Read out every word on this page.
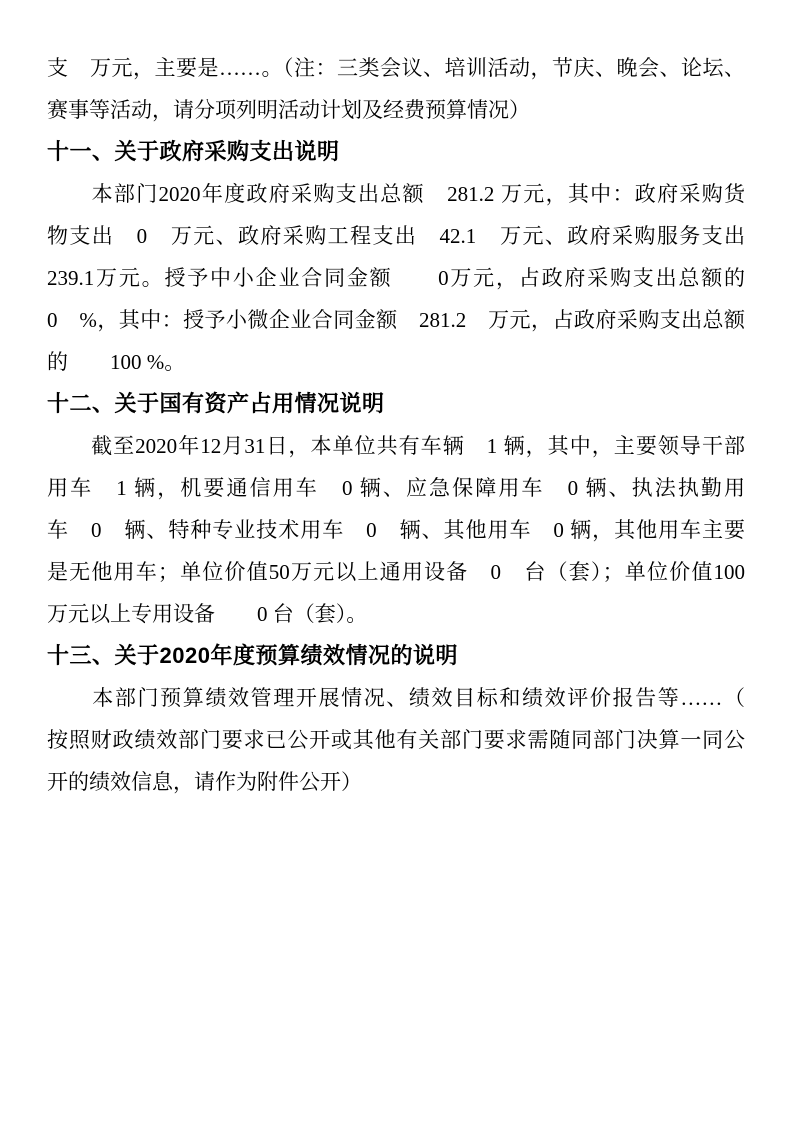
支　万元，主要是……。（注：三类会议、培训活动，节庆、晚会、论坛、
赛事等活动，请分项列明活动计划及经费预算情况）
十一、关于政府采购支出说明
　　本部门2020年度政府采购支出总额　281.2 万元，其中：政府采购货
物支出　0　万元、政府采购工程支出　42.1　万元、政府采购服务支出
239.1万元。授予中小企业合同金额　　0万元，占政府采购支出总额的
0　%，其中：授予小微企业合同金额　281.2　万元，占政府采购支出总额
的　　100 %。
十二、关于国有资产占用情况说明
　　截至2020年12月31日，本单位共有车辆　1 辆，其中，主要领导干部
用车　1 辆，机要通信用车　0 辆、应急保障用车　0 辆、执法执勤用
车　0　辆、特种专业技术用车　0　辆、其他用车　0 辆，其他用车主要
是无他用车；单位价值50万元以上通用设备　0　台（套）；单位价值100
万元以上专用设备　　0 台（套）。
十三、关于2020年度预算绩效情况的说明
　　本部门预算绩效管理开展情况、绩效目标和绩效评价报告等……（
按照财政绩效部门要求已公开或其他有关部门要求需随同部门决算一同公
开的绩效信息，请作为附件公开）
